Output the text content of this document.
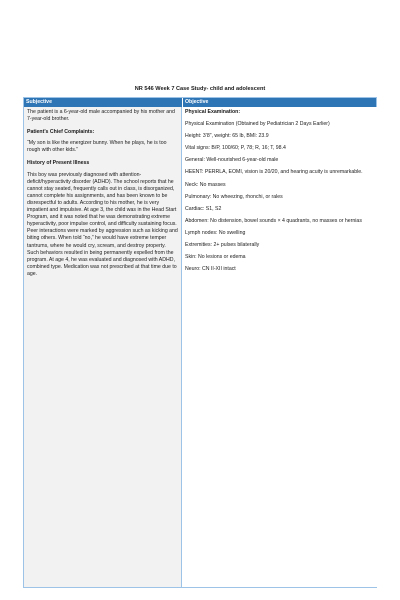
NR 546 Week 7 Case Study- child and adolescent
Subjective	Objective

The patient is a 6-year-old male accompanied by his mother and 7-year-old brother.

Patient’s Chief Complaints:

“My son is like the energizer bunny. When he plays, he is too rough with other kids.”

History of Present Illness

This boy was previously diagnosed with attention-deficit/hyperactivity disorder (ADHD). The school reports that he cannot stay seated, frequently calls out in class, is disorganized, cannot complete his assignments, and has been known to be disrespectful to adults. According to his mother, he is very impatient and impulsive. At age 3, the child was in the Head Start Program, and it was noted that he was demonstrating extreme hyperactivity, poor impulse control, and difficulty sustaining focus. Peer interactions were marked by aggression such as kicking and biting others. When told “no,” he would have extreme temper tantrums, where he would cry, scream, and destroy property. Such behaviors resulted in being permanently expelled from the program. At age 4, he was evaluated and diagnosed with ADHD, combined type. Medication was not prescribed at that time due to age.

Physical Examination:

Physical Examination (Obtained by Pediatrician 2 Days Earlier)

Height: 3’8”, weight: 65 lb, BMI: 23.9

Vital signs: B/P, 100/60; P, 78; R, 16; T, 98.4

General: Well-nourished 6-year-old male

HEENT: PERRLA, EOMI, vision is 20/20, and hearing acuity is unremarkable.

Neck: No masses

Pulmonary: No wheezing, rhonchi, or rales

Cardiac: S1, S2

Abdomen: No distension, bowel sounds × 4 quadrants, no masses or hernias

Lymph nodes: No swelling

Extremities: 2+ pulses bilaterally

Skin: No lesions or edema

Neuro: CN II-XII intact
